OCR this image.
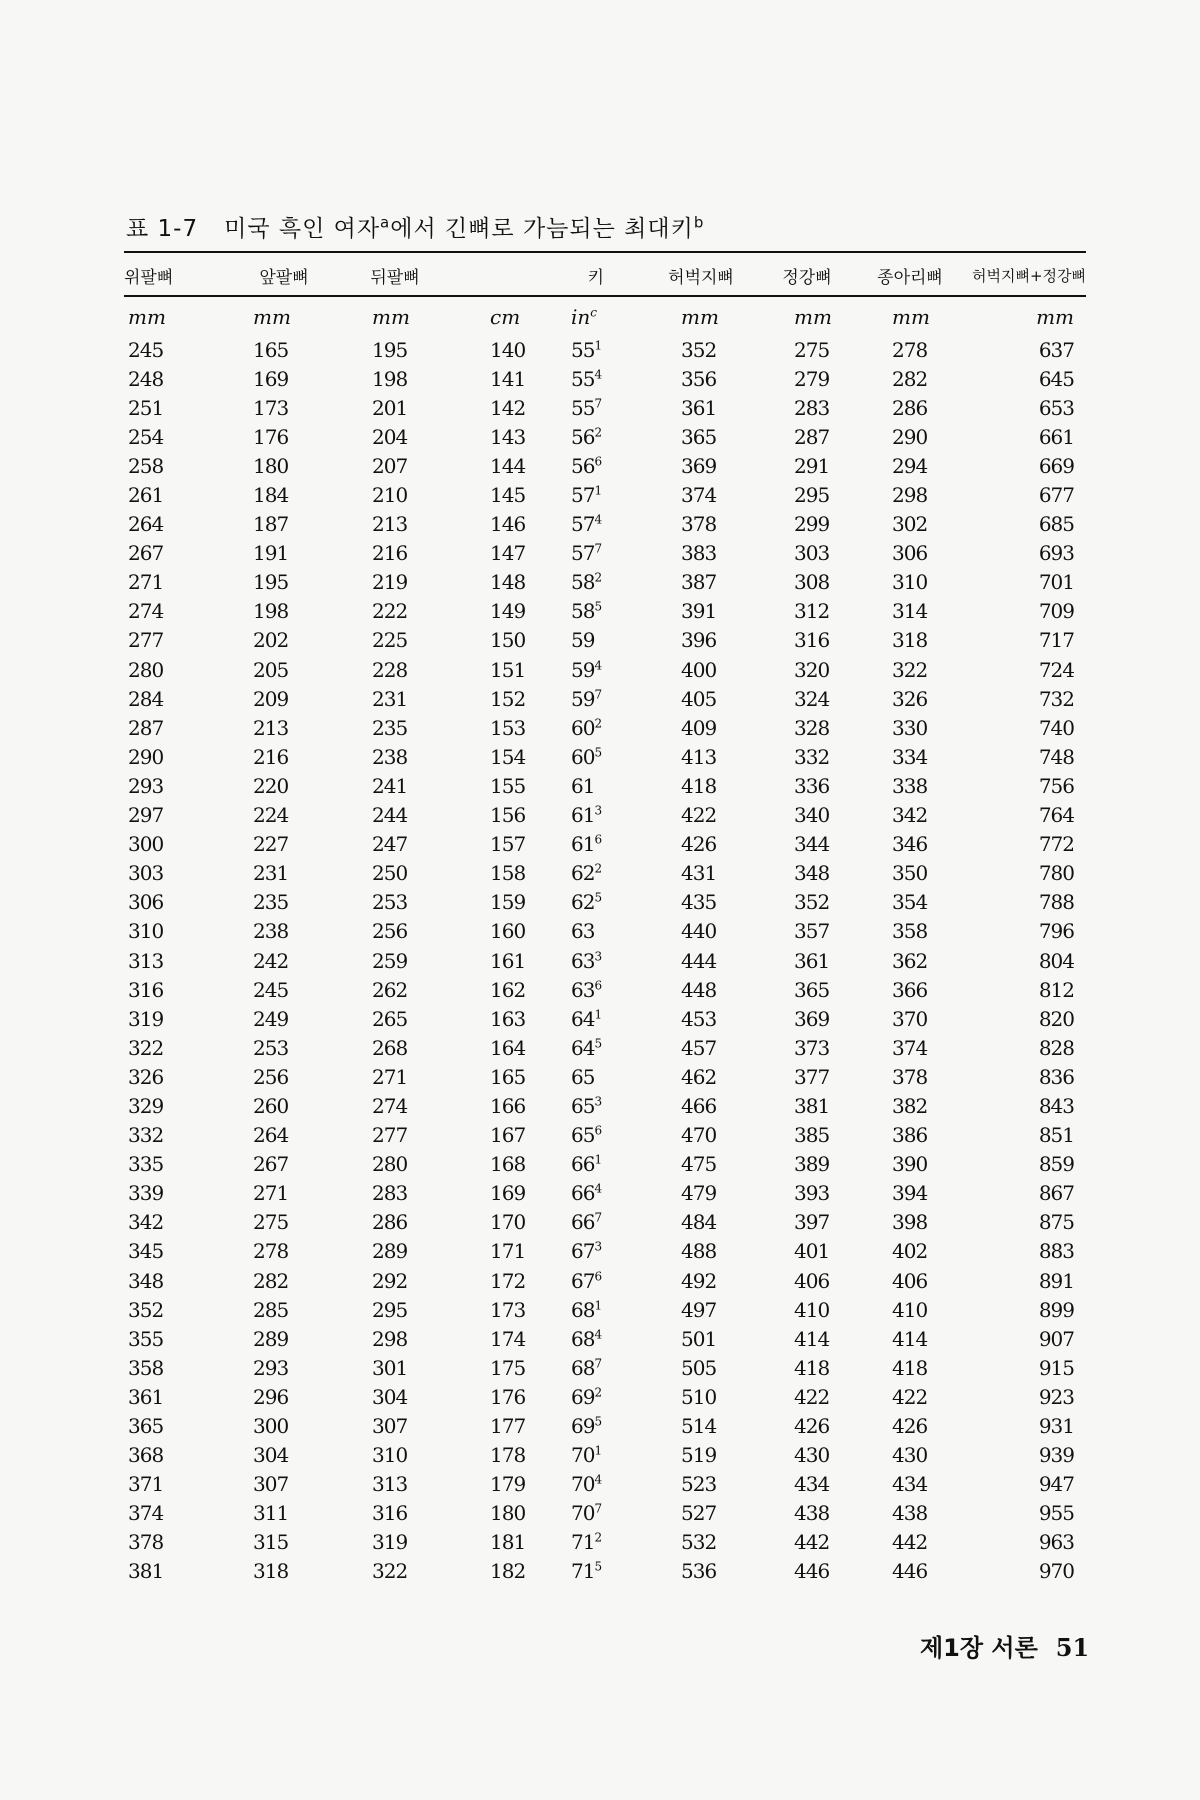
표 1-7 미국 흑인 여자$^a$에서 긴뼈로 가늠되는 최대키$^b$
위팔뼈	앞팔뼈	뒤팔뼈	키		허벅지뼈	정강뼈	종아리뼈	허벅지뼈+정강뼈
mm	mm	mm	cm	$in^c$	mm	mm	mm	mm
245	165	195	140	$55^1$	352	275	278	637
248	169	198	141	$55^4$	356	279	282	645
251	173	201	142	$55^7$	361	283	286	653
254	176	204	143	$56^2$	365	287	290	661
258	180	207	144	$56^6$	369	291	294	669
261	184	210	145	$57^1$	374	295	298	677
264	187	213	146	$57^4$	378	299	302	685
267	191	216	147	$57^7$	383	303	306	693
271	195	219	148	$58^2$	387	308	310	701
274	198	222	149	$58^5$	391	312	314	709
277	202	225	150	59	396	316	318	717
280	205	228	151	$59^4$	400	320	322	724
284	209	231	152	$59^7$	405	324	326	732
287	213	235	153	$60^2$	409	328	330	740
290	216	238	154	$60^5$	413	332	334	748
293	220	241	155	61	418	336	338	756
297	224	244	156	$61^3$	422	340	342	764
300	227	247	157	$61^6$	426	344	346	772
303	231	250	158	$62^2$	431	348	350	780
306	235	253	159	$62^5$	435	352	354	788
310	238	256	160	63	440	357	358	796
313	242	259	161	$63^3$	444	361	362	804
316	245	262	162	$63^6$	448	365	366	812
319	249	265	163	$64^1$	453	369	370	820
322	253	268	164	$64^5$	457	373	374	828
326	256	271	165	65	462	377	378	836
329	260	274	166	$65^3$	466	381	382	843
332	264	277	167	$65^6$	470	385	386	851
335	267	280	168	$66^1$	475	389	390	859
339	271	283	169	$66^4$	479	393	394	867
342	275	286	170	$66^7$	484	397	398	875
345	278	289	171	$67^3$	488	401	402	883
348	282	292	172	$67^6$	492	406	406	891
352	285	295	173	$68^1$	497	410	410	899
355	289	298	174	$68^4$	501	414	414	907
358	293	301	175	$68^7$	505	418	418	915
361	296	304	176	$69^2$	510	422	422	923
365	300	307	177	$69^5$	514	426	426	931
368	304	310	178	$70^1$	519	430	430	939
371	307	313	179	$70^4$	523	434	434	947
374	311	316	180	$70^7$	527	438	438	955
378	315	319	181	$71^2$	532	442	442	963
381	318	322	182	$71^5$	536	446	446	970
제1장 서론 51
